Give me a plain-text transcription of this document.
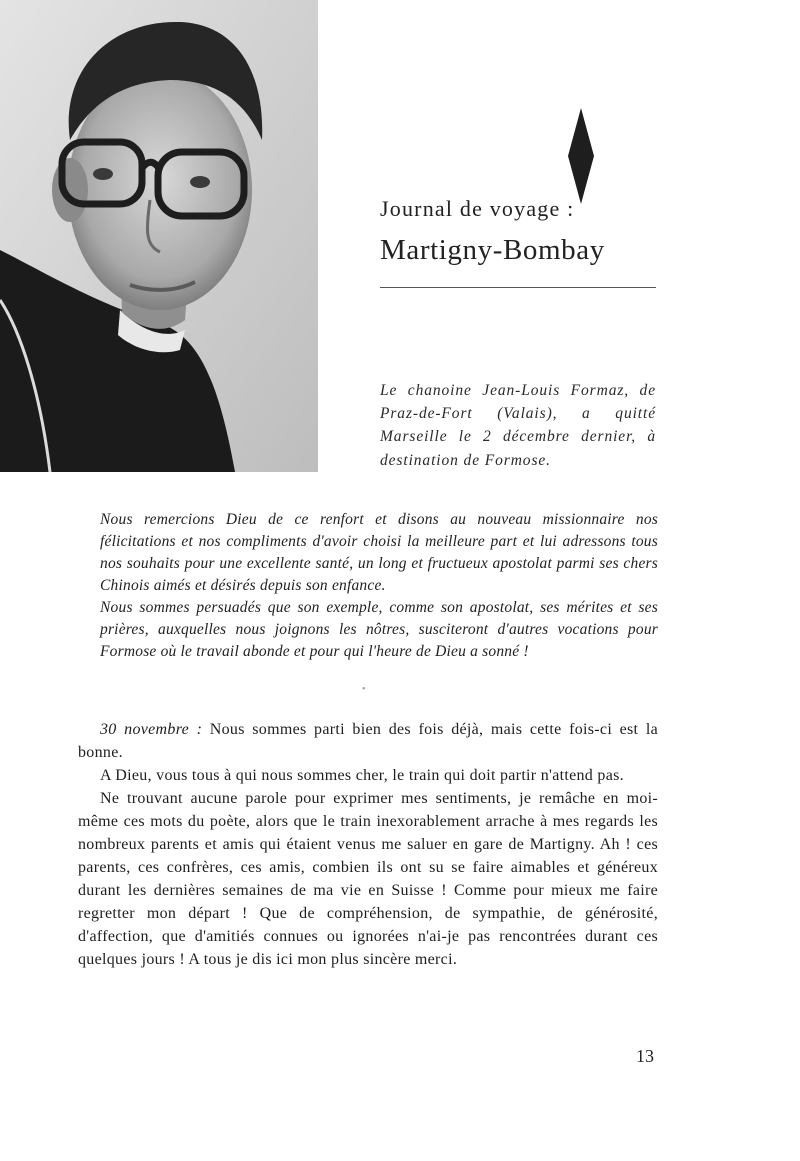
Journal de voyage :
Martigny-Bombay
Le chanoine Jean-Louis Formaz, de Praz-de-Fort (Valais), a quitté Marseille le 2 décembre dernier, à destination de Formose.

Nous remercions Dieu de ce renfort et disons au nouveau missionnaire nos félicitations et nos compliments d'avoir choisi la meilleure part et lui adressons tous nos souhaits pour une excellente santé, un long et fructueux apostolat parmi ses chers Chinois aimés et désirés depuis son enfance.

Nous sommes persuadés que son exemple, comme son apostolat, ses mérites et ses prières, auxquelles nous joignons les nôtres, susciteront d'autres vocations pour Formose où le travail abonde et pour qui l'heure de Dieu a sonné !

•

30 novembre : Nous sommes parti bien des fois déjà, mais cette fois-ci est la bonne.

A Dieu, vous tous à qui nous sommes cher, le train qui doit partir n'attend pas.

Ne trouvant aucune parole pour exprimer mes sentiments, je remâche en moi-même ces mots du poète, alors que le train inexorablement arrache à mes regards les nombreux parents et amis qui étaient venus me saluer en gare de Martigny. Ah ! ces parents, ces confrères, ces amis, combien ils ont su se faire aimables et généreux durant les dernières semaines de ma vie en Suisse ! Comme pour mieux me faire regretter mon départ ! Que de compréhension, de sympathie, de générosité, d'affection, que d'amitiés connues ou ignorées n'ai-je pas rencontrées durant ces quelques jours ! A tous je dis ici mon plus sincère merci.

13
